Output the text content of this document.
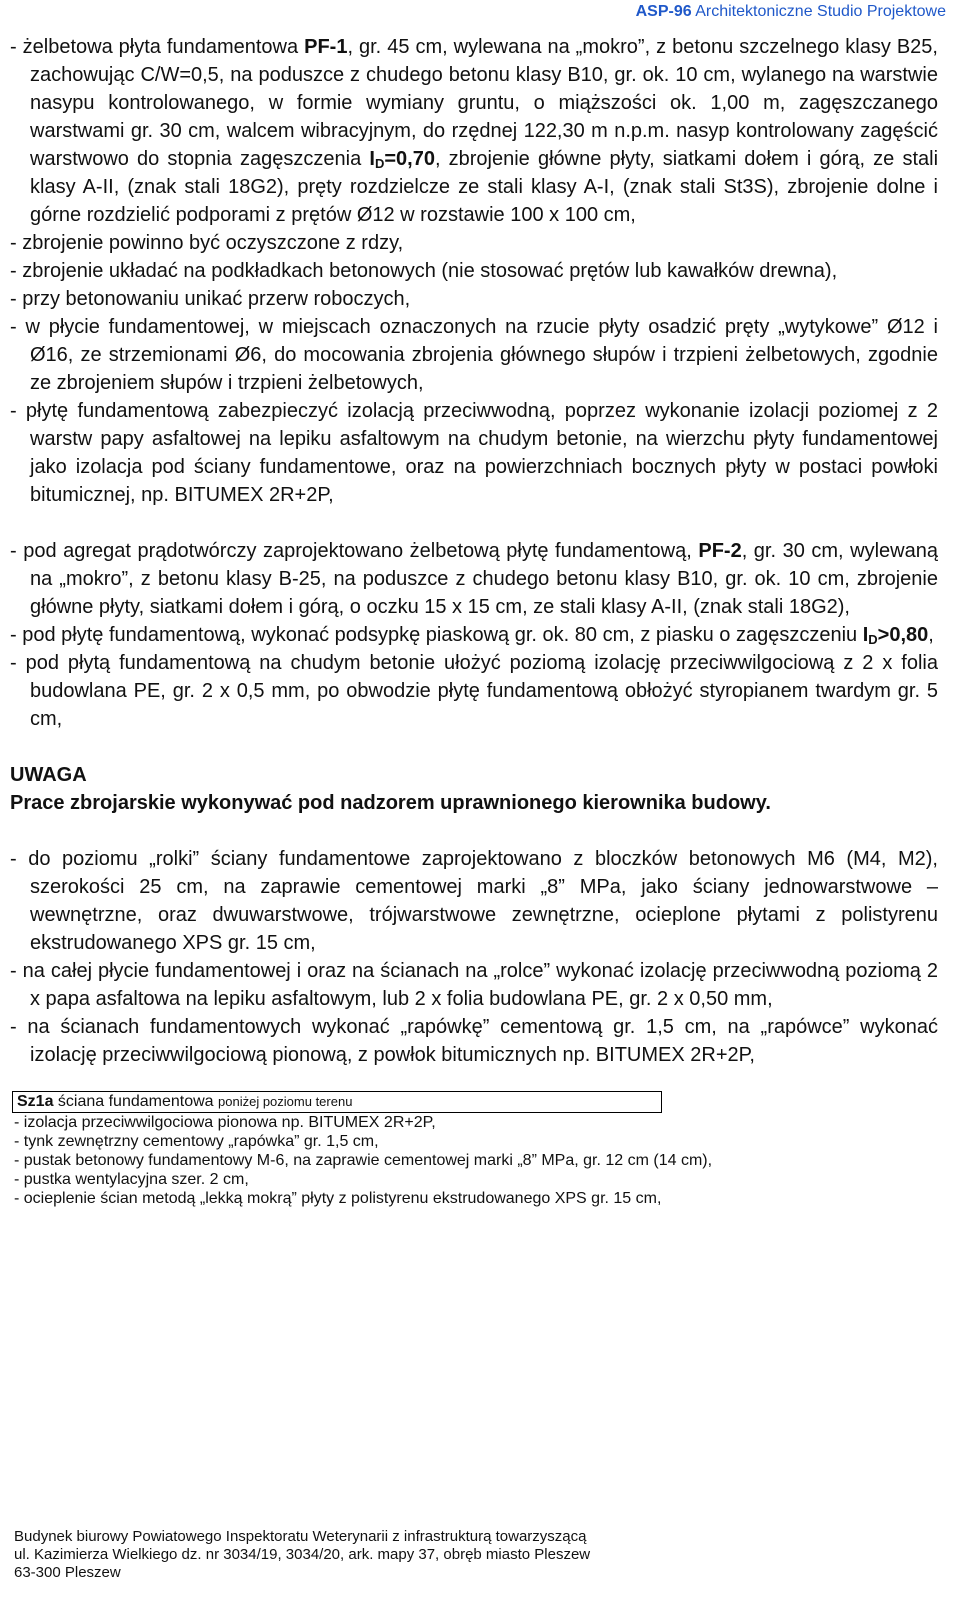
ASP-96 Architektoniczne Studio Projektowe

- żelbetowa płyta fundamentowa PF-1, gr. 45 cm, wylewana na „mokro”, z betonu szczelnego klasy B25, zachowując C/W=0,5, na poduszce z chudego betonu klasy B10, gr. ok. 10 cm, wylanego na warstwie nasypu kontrolowanego, w formie wymiany gruntu, o miąższości ok. 1,00 m, zagęszczanego warstwami gr. 30 cm, walcem wibracyjnym, do rzędnej 122,30 m n.p.m. nasyp kontrolowany zagęścić warstwowo do stopnia zagęszczenia $I_D=0,70$, zbrojenie główne płyty, siatkami dołem i górą, ze stali klasy A-II, (znak stali 18G2), pręty rozdzielcze ze stali klasy A-I, (znak stali St3S), zbrojenie dolne i górne rozdzielić podporami z prętów Ø12 w rozstawie 100 x 100 cm,

- zbrojenie powinno być oczyszczone z rdzy,

- zbrojenie układać na podkładkach betonowych (nie stosować prętów lub kawałków drewna),

- przy betonowaniu unikać przerw roboczych,

- w płycie fundamentowej, w miejscach oznaczonych na rzucie płyty osadzić pręty „wytykowe” Ø12 i Ø16, ze strzemionami Ø6, do mocowania zbrojenia głównego słupów i trzpieni żelbetowych, zgodnie ze zbrojeniem słupów i trzpieni żelbetowych,

- płytę fundamentową zabezpieczyć izolacją przeciwwodną, poprzez wykonanie izolacji poziomej z 2 warstw papy asfaltowej na lepiku asfaltowym na chudym betonie, na wierzchu płyty fundamentowej jako izolacja pod ściany fundamentowe, oraz na powierzchniach bocznych płyty w postaci powłoki bitumicznej, np. BITUMEX 2R+2P,

- pod agregat prądotwórczy zaprojektowano żelbetową płytę fundamentową, PF-2, gr. 30 cm, wylewaną na „mokro”, z betonu klasy B-25, na poduszce z chudego betonu klasy B10, gr. ok. 10 cm, zbrojenie główne płyty, siatkami dołem i górą, o oczku 15 x 15 cm, ze stali klasy A-II, (znak stali 18G2),

- pod płytę fundamentową, wykonać podsypkę piaskową gr. ok. 80 cm, z piasku o zagęszczeniu $I_D>0,80$,

- pod płytą fundamentową na chudym betonie ułożyć poziomą izolację przeciwwilgociową z 2 x folia budowlana PE, gr. 2 x 0,5 mm, po obwodzie płytę fundamentową obłożyć styropianem twardym gr. 5 cm,

UWAGA

Prace zbrojarskie wykonywać pod nadzorem uprawnionego kierownika budowy.

- do poziomu „rolki” ściany fundamentowe zaprojektowano z bloczków betonowych M6 (M4, M2), szerokości 25 cm, na zaprawie cementowej marki „8” MPa, jako ściany jednowarstwowe – wewnętrzne, oraz dwuwarstwowe, trójwarstwowe zewnętrzne, ocieplone płytami z polistyrenu ekstrudowanego XPS gr. 15 cm,

- na całej płycie fundamentowej i oraz na ścianach na „rolce” wykonać izolację przeciwwodną poziomą 2 x papa asfaltowa na lepiku asfaltowym, lub 2 x folia budowlana PE, gr. 2 x 0,50 mm,

- na ścianach fundamentowych wykonać „rapówkę” cementową gr. 1,5 cm, na „rapówce” wykonać izolację przeciwwilgociową pionową, z powłok bitumicznych np. BITUMEX 2R+2P,

Sz1a ściana fundamentowa poniżej poziomu terenu
- izolacja przeciwwilgociowa pionowa np. BITUMEX 2R+2P,
- tynk zewnętrzny cementowy „rapówka” gr. 1,5 cm,
- pustak betonowy fundamentowy M-6, na zaprawie cementowej marki „8” MPa, gr. 12 cm (14 cm),
- pustka wentylacyjna szer. 2 cm,
- ocieplenie ścian metodą „lekką mokrą” płyty z polistyrenu ekstrudowanego XPS gr. 15 cm,
Budynek biurowy Powiatowego Inspektoratu Weterynarii z infrastrukturą towarzyszącą
ul. Kazimierza Wielkiego dz. nr 3034/19, 3034/20, ark. mapy 37, obręb miasto Pleszew
63-300 Pleszew
